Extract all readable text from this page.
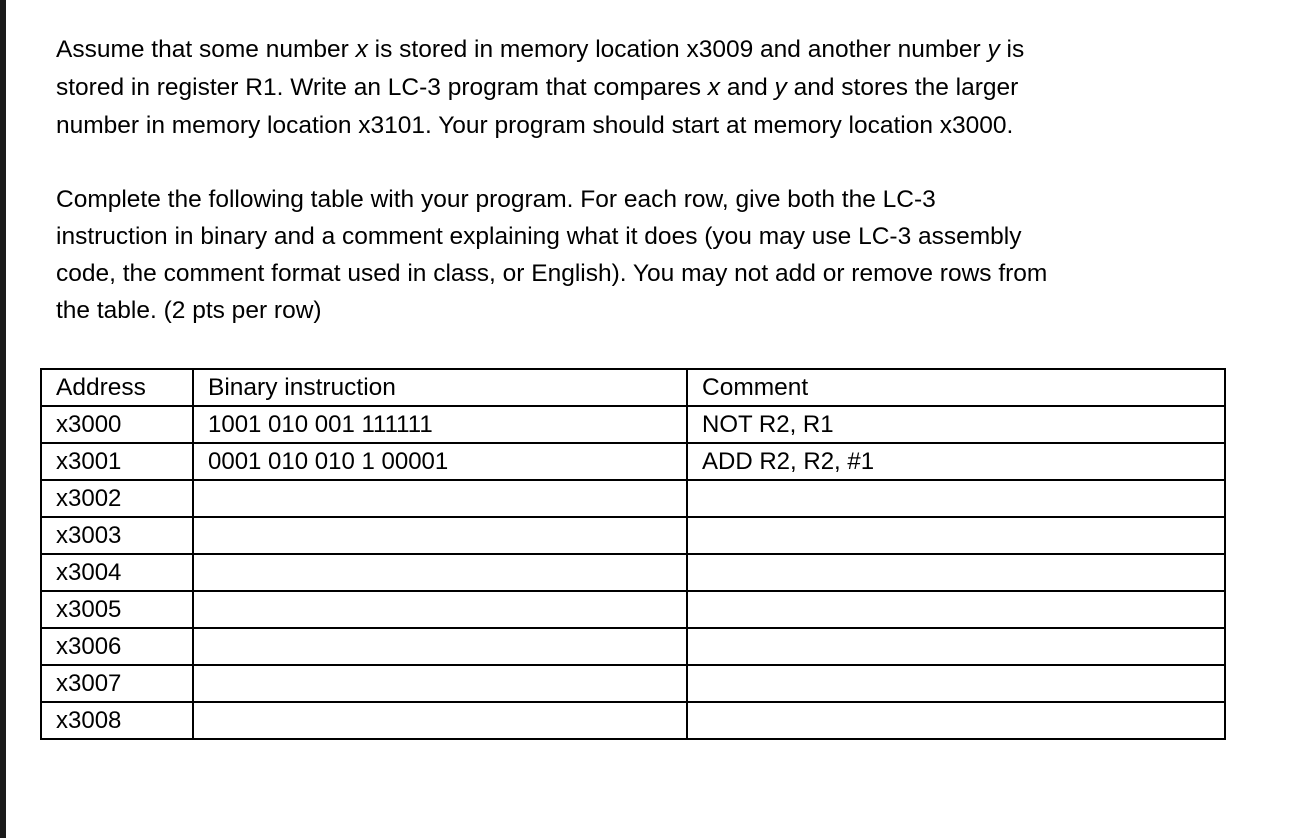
Assume that some number x is stored in memory location x3009 and another number y is
stored in register R1. Write an LC-3 program that compares x and y and stores the larger
number in memory location x3101. Your program should start at memory location x3000.

Complete the following table with your program. For each row, give both the LC-3
instruction in binary and a comment explaining what it does (you may use LC-3 assembly
code, the comment format used in class, or English). You may not add or remove rows from
the table. (2 pts per row)

Address	Binary instruction	Comment
x3000	1001 010 001 111111	NOT R2, R1
x3001	0001 010 010 1 00001	ADD R2, R2, #1
x3002		
x3003		
x3004		
x3005		
x3006		
x3007		
x3008		
